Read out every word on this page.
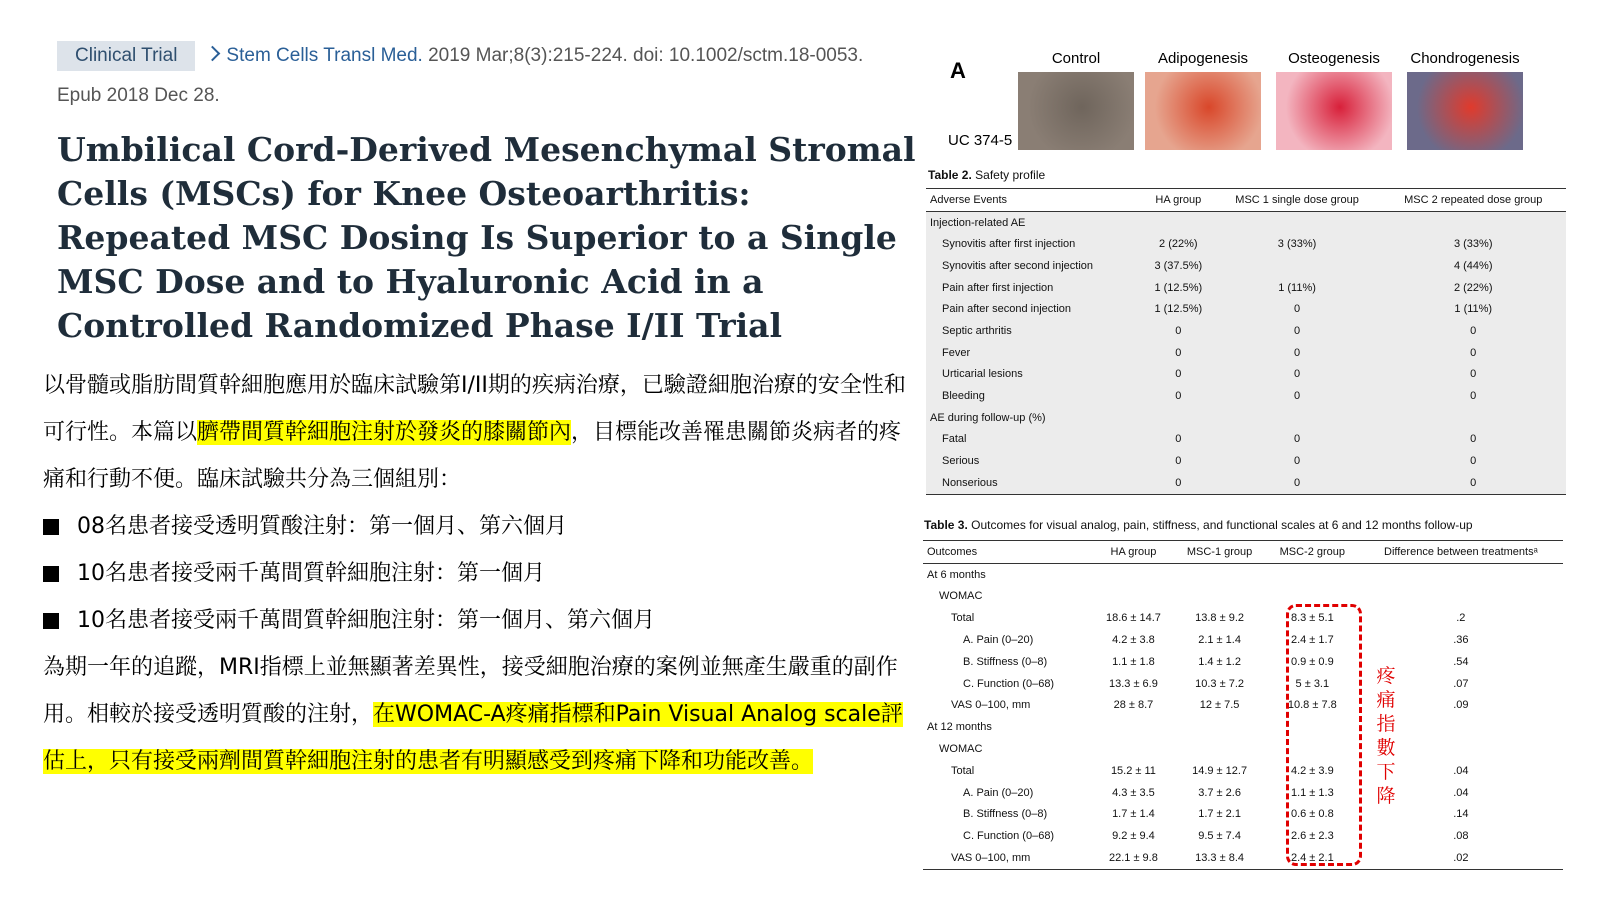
Clinical Trial	Stem Cells Transl Med. 2019 Mar;8(3):215-224. doi: 10.1002/sctm.18-0053.
Epub 2018 Dec 28.
Umbilical Cord-Derived Mesenchymal Stromal Cells (MSCs) for Knee Osteoarthritis: Repeated MSC Dosing Is Superior to a Single MSC Dose and to Hyaluronic Acid in a Controlled Randomized Phase I/II Trial

以骨髓或脂肪間質幹細胞應用於臨床試驗第I/II期的疾病治療，已驗證細胞治療的安全性和可行性。本篇以臍帶間質幹細胞注射於發炎的膝關節內，目標能改善罹患關節炎病者的疼痛和行動不便。臨床試驗共分為三個組別：

08名患者接受透明質酸注射：第一個月、第六個月
10名患者接受兩千萬間質幹細胞注射：第一個月
10名患者接受兩千萬間質幹細胞注射：第一個月、第六個月

為期一年的追蹤，MRI指標上並無顯著差異性，接受細胞治療的案例並無產生嚴重的副作用。相較於接受透明質酸的注射，在WOMAC-A疼痛指標和Pain Visual Analog scale評估上，只有接受兩劑間質幹細胞注射的患者有明顯感受到疼痛下降和功能改善。

A
UC 374-5
Control	Adipogenesis	Osteogenesis Chondrogenesis
Table 2. Safety profile
Adverse Events	HA group	MSC 1 single dose group	MSC 2 repeated dose group
Injection-related AE			
Synovitis after first injection	2 (22%)	3 (33%)	3 (33%)
Synovitis after second injection	3 (37.5%)		4 (44%)
Pain after first injection	1 (12.5%)	1 (11%)	2 (22%)
Pain after second injection	1 (12.5%)	0	1 (11%)
Septic arthritis	0	0	0
Fever	0	0	0
Urticarial lesions	0	0	0
Bleeding	0	0	0
AE during follow-up (%)			
Fatal	0	0	0
Serious	0	0	0
Nonserious	0	0	0
Table 3. Outcomes for visual analog, pain, stiffness, and functional scales at 6 and 12 months follow-up
Outcomes	HA group	MSC-1 group	MSC-2 group	Difference between treatmentsᵃ
At 6 months				
WOMAC				
Total	18.6 ± 14.7	13.8 ± 9.2	8.3 ± 5.1	.2
A. Pain (0–20)	4.2 ± 3.8	2.1 ± 1.4	2.4 ± 1.7	.36
B. Stiffness (0–8)	1.1 ± 1.8	1.4 ± 1.2	0.9 ± 0.9	.54
C. Function (0–68)	13.3 ± 6.9	10.3 ± 7.2	5 ± 3.1	.07
VAS 0–100, mm	28 ± 8.7	12 ± 7.5	10.8 ± 7.8	.09
At 12 months				
WOMAC				
Total	15.2 ± 11	14.9 ± 12.7	4.2 ± 3.9	.04
A. Pain (0–20)	4.3 ± 3.5	3.7 ± 2.6	1.1 ± 1.3	.04
B. Stiffness (0–8)	1.7 ± 1.4	1.7 ± 2.1	0.6 ± 0.8	.14
C. Function (0–68)	9.2 ± 9.4	9.5 ± 7.4	2.6 ± 2.3	.08
VAS 0–100, mm	22.1 ± 9.8	13.3 ± 8.4	2.4 ± 2.1	.02
疼痛指數下降
